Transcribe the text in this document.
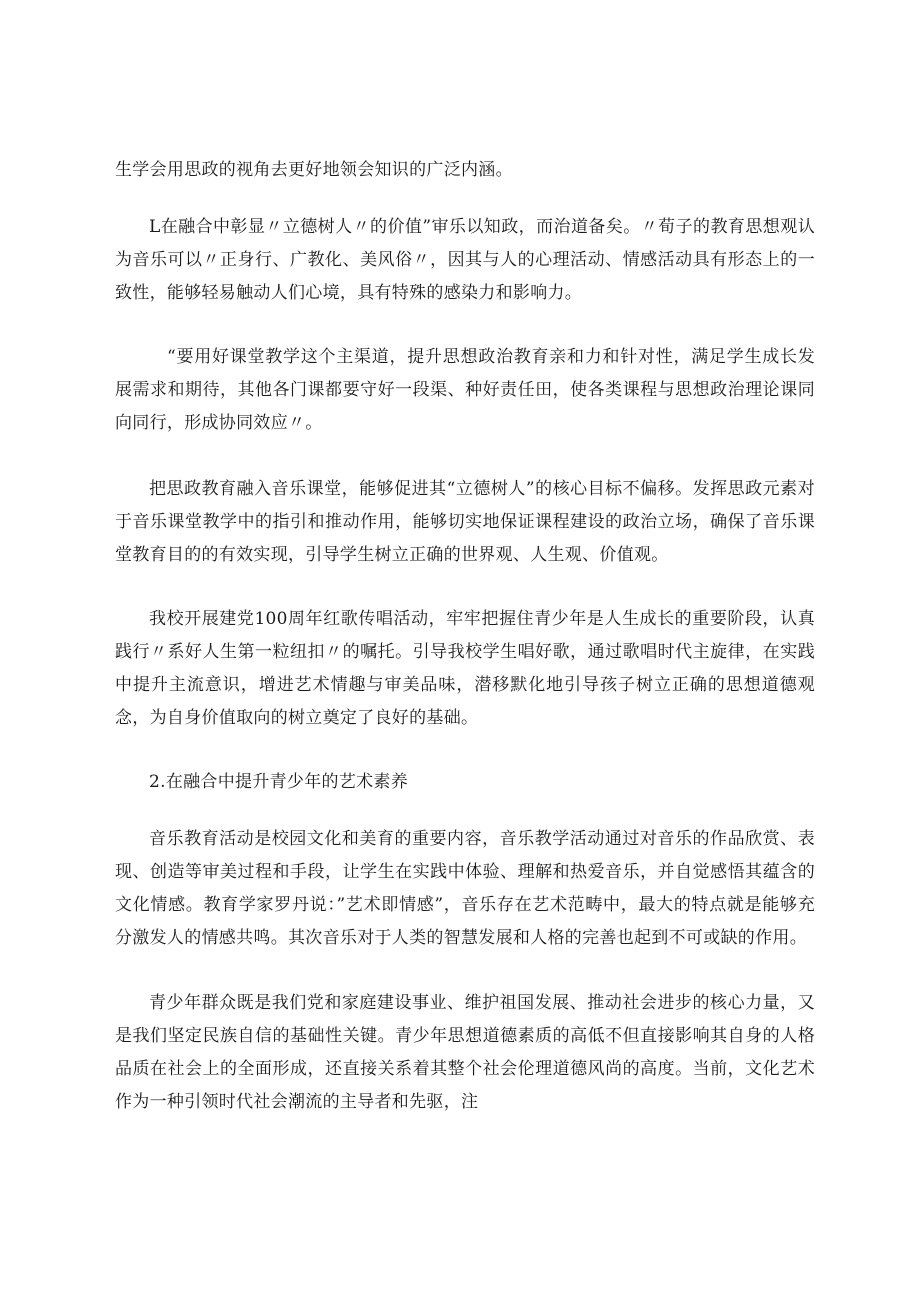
生学会用思政的视角去更好地领会知识的广泛内涵。

L在融合中彰显〃立德树人〃的价值”审乐以知政，而治道备矣。〃荀子的教育思想观认为音乐可以〃正身行、广教化、美风俗〃，因其与人的心理活动、情感活动具有形态上的一致性，能够轻易触动人们心境，具有特殊的感染力和影响力。

“要用好课堂教学这个主渠道，提升思想政治教育亲和力和针对性，满足学生成长发展需求和期待，其他各门课都要守好一段渠、种好责任田，使各类课程与思想政治理论课同向同行，形成协同效应〃。

把思政教育融入音乐课堂，能够促进其“立德树人”的核心目标不偏移。发挥思政元素对于音乐课堂教学中的指引和推动作用，能够切实地保证课程建设的政治立场，确保了音乐课堂教育目的的有效实现，引导学生树立正确的世界观、人生观、价值观。

我校开展建党100周年红歌传唱活动，牢牢把握住青少年是人生成长的重要阶段，认真践行〃系好人生第一粒纽扣〃的嘱托。引导我校学生唱好歌，通过歌唱时代主旋律，在实践中提升主流意识，增进艺术情趣与审美品味，潜移默化地引导孩子树立正确的思想道德观念，为自身价值取向的树立奠定了良好的基础。

2.在融合中提升青少年的艺术素养

音乐教育活动是校园文化和美育的重要内容，音乐教学活动通过对音乐的作品欣赏、表现、创造等审美过程和手段，让学生在实践中体验、理解和热爱音乐，并自觉感悟其蕴含的文化情感。教育学家罗丹说：”艺术即情感”，音乐存在艺术范畴中，最大的特点就是能够充分激发人的情感共鸣。其次音乐对于人类的智慧发展和人格的完善也起到不可或缺的作用。

青少年群众既是我们党和家庭建设事业、维护祖国发展、推动社会进步的核心力量，又是我们坚定民族自信的基础性关键。青少年思想道德素质的高低不但直接影响其自身的人格品质在社会上的全面形成，还直接关系着其整个社会伦理道德风尚的高度。当前，文化艺术作为一种引领时代社会潮流的主导者和先驱，注
